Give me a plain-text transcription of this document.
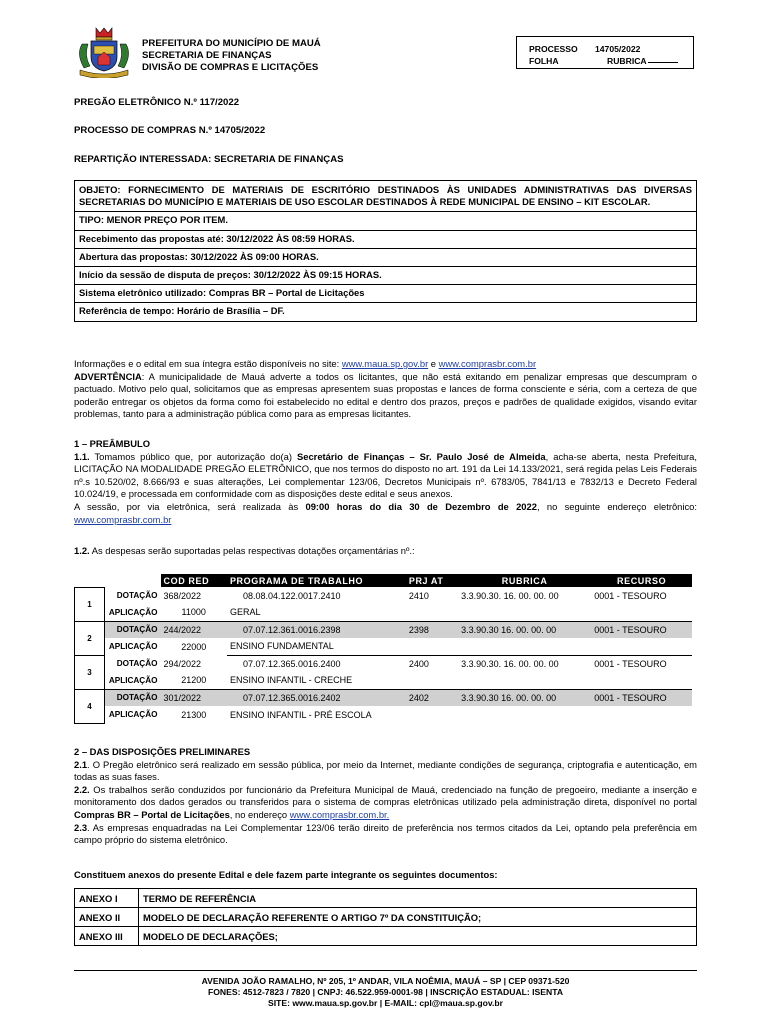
PREFEITURA DO MUNICÍPIO DE MAUÁ
SECRETARIA DE FINANÇAS
DIVISÃO DE COMPRAS E LICITAÇÕES
PROCESSO	14705/2022
FOLHA	RUBRICA
PREGÃO ELETRÔNICO N.º 117/2022
PROCESSO DE COMPRAS N.º 14705/2022
REPARTIÇÃO INTERESSADA: SECRETARIA DE FINANÇAS
OBJETO: FORNECIMENTO DE MATERIAIS DE ESCRITÓRIO DESTINADOS ÀS UNIDADES ADMINISTRATIVAS DAS DIVERSAS SECRETARIAS DO MUNICÍPIO E MATERIAIS DE USO ESCOLAR DESTINADOS À REDE MUNICIPAL DE ENSINO – KIT ESCOLAR.
TIPO: MENOR PREÇO POR ITEM.
Recebimento das propostas até: 30/12/2022 ÀS 08:59 HORAS.
Abertura das propostas: 30/12/2022 ÀS 09:00 HORAS.
Início da sessão de disputa de preços: 30/12/2022 ÀS 09:15 HORAS.
Sistema eletrônico utilizado: Compras BR – Portal de Licitações
Referência de tempo: Horário de Brasília – DF.
Informações e o edital em sua íntegra estão disponíveis no site: www.maua.sp.gov.br e www.comprasbr.com.br
ADVERTÊNCIA: A municipalidade de Mauá adverte a todos os licitantes, que não está exitando em penalizar empresas que descumpram o pactuado. Motivo pelo qual, solicitamos que as empresas apresentem suas propostas e lances de forma consciente e séria, com a certeza de que poderão entregar os objetos da forma como foi estabelecido no edital e dentro dos prazos, preços e padrões de qualidade exigidos, visando evitar problemas, tanto para a administração pública como para as empresas licitantes.
1 – PREÂMBULO
1.1. Tomamos público que, por autorização do(a) Secretário de Finanças – Sr. Paulo José de Almeida, acha-se aberta, nesta Prefeitura, LICITAÇÃO NA MODALIDADE PREGÃO ELETRÔNICO, que nos termos do disposto no art. 191 da Lei 14.133/2021, será regida pelas Leis Federais nº.s 10.520/02, 8.666/93 e suas alterações, Lei complementar 123/06, Decretos Municipais nº. 6783/05, 7841/13 e 7832/13 e Decreto Federal 10.024/19, e processada em conformidade com as disposições deste edital e seus anexos.
A sessão, por via eletrônica, será realizada às 09:00 horas do dia 30 de Dezembro de 2022, no seguinte endereço eletrônico: www.comprasbr.com.br
1.2. As despesas serão suportadas pelas respectivas dotações orçamentárias nº.:
		COD RED	PROGRAMA DE TRABALHO	PRJ AT	RUBRICA	RECURSO
1	DOTAÇÃO	368/2022	08.08.04.122.0017.2410	2410	3.3.90.30. 16. 00. 00. 00	0001 - TESOURO
	APLICAÇÃO	11000	GERAL			
2	DOTAÇÃO	244/2022	07.07.12.361.0016.2398	2398	3.3.90.30 16. 00. 00. 00	0001 - TESOURO
	APLICAÇÃO	22000	ENSINO FUNDAMENTAL			
3	DOTAÇÃO	294/2022	07.07.12.365.0016.2400	2400	3.3.90.30. 16. 00. 00. 00	0001 - TESOURO
	APLICAÇÃO	21200	ENSINO INFANTIL - CRECHE			
4	DOTAÇÃO	301/2022	07.07.12.365.0016.2402	2402	3.3.90.30 16. 00. 00. 00	0001 - TESOURO
	APLICAÇÃO	21300	ENSINO INFANTIL - PRÉ ESCOLA			
2 – DAS DISPOSIÇÕES PRELIMINARES
2.1. O Pregão eletrônico será realizado em sessão pública, por meio da Internet, mediante condições de segurança, criptografia e autenticação, em todas as suas fases.
2.2. Os trabalhos serão conduzidos por funcionário da Prefeitura Municipal de Mauá, credenciado na função de pregoeiro, mediante a inserção e monitoramento dos dados gerados ou transferidos para o sistema de compras eletrônicas utilizado pela administração direta, disponível no portal Compras BR – Portal de Licitações, no endereço www.comprasbr.com.br.
2.3. As empresas enquadradas na Lei Complementar 123/06 terão direito de preferência nos termos citados da Lei, optando pela preferência em campo próprio do sistema eletrônico.
Constituem anexos do presente Edital e dele fazem parte integrante os seguintes documentos:
ANEXO I	TERMO DE REFERÊNCIA
ANEXO II	MODELO DE DECLARAÇÃO REFERENTE O ARTIGO 7º DA CONSTITUIÇÃO;
ANEXO III	MODELO DE DECLARAÇÕES;
AVENIDA JOÃO RAMALHO, Nº 205, 1º ANDAR, VILA NOÊMIA, MAUÁ – SP | CEP 09371-520
FONES: 4512-7823 / 7820 | CNPJ: 46.522.959-0001-98 | INSCRIÇÃO ESTADUAL: ISENTA
SITE: www.maua.sp.gov.br | E-MAIL: cpl@maua.sp.gov.br
